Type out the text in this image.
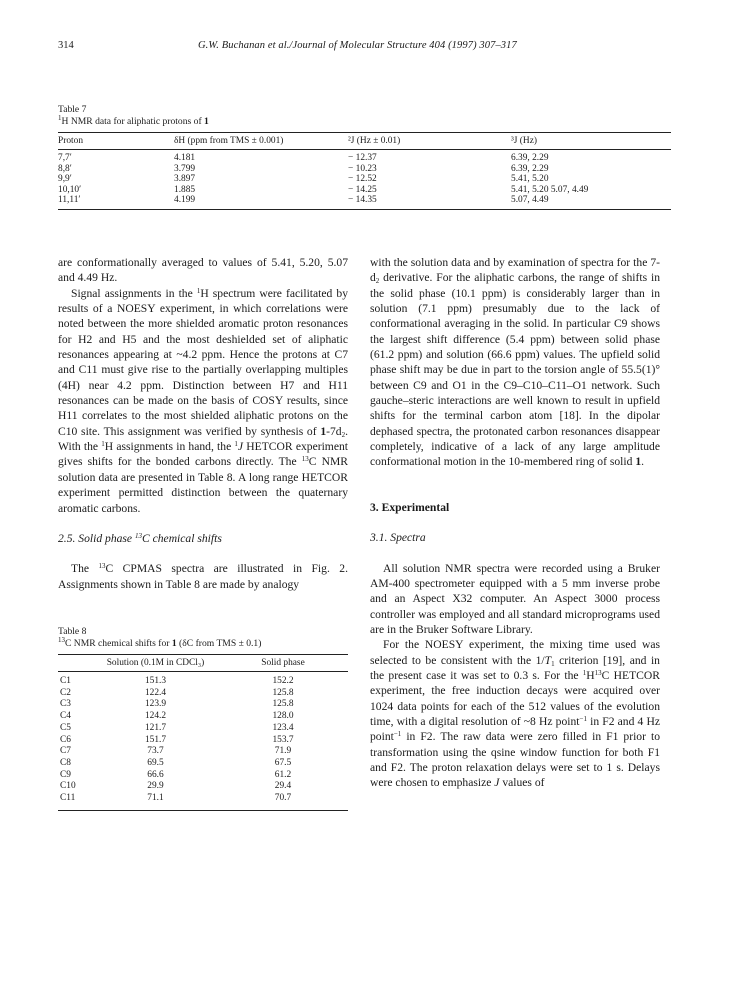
314	G.W. Buchanan et al./Journal of Molecular Structure 404 (1997) 307–317
Table 7
$^1$H NMR data for aliphatic protons of 1
Proton	δH (ppm from TMS ± 0.001)	²J (Hz ± 0.01)	³J (Hz)
7,7′	4.181	− 12.37	6.39, 2.29
8,8′	3.799	− 10.23	6.39, 2.29
9,9′	3.897	− 12.52	5.41, 5.20
10,10′	1.885	− 14.25	5.41, 5.20 5.07, 4.49
11,11′	4.199	− 14.35	5.07, 4.49

are conformationally averaged to values of 5.41, 5.20, 5.07 and 4.49 Hz.

Signal assignments in the $^1$H spectrum were facilitated by results of a NOESY experiment, in which correlations were noted between the more shielded aromatic proton resonances for H2 and H5 and the most deshielded set of aliphatic resonances appearing at ~4.2 ppm. Hence the protons at C7 and C11 must give rise to the partially overlapping multiples (4H) near 4.2 ppm. Distinction between H7 and H11 resonances can be made on the basis of COSY results, since H11 correlates to the most shielded aliphatic protons on the C10 site. This assignment was verified by synthesis of $1-7d_2$. With the $^1$H assignments in hand, the $^1$J HETCOR experiment gives shifts for the bonded carbons directly. The $^{13}$C NMR solution data are presented in Table 8. A long range HETCOR experiment permitted distinction between the quaternary aromatic carbons.

2.5. Solid phase $^{13}$C chemical shifts

The $^{13}$C CPMAS spectra are illustrated in Fig. 2. Assignments shown in Table 8 are made by analogy

Table 8
$^{13}$C NMR chemical shifts for 1 (δC from TMS ± 0.1)
	Solution (0.1M in CDCl₃)	Solid phase
C1	151.3	152.2
C2	122.4	125.8
C3	123.9	125.8
C4	124.2	128.0
C5	121.7	123.4
C6	151.7	153.7
C7	73.7	71.9
C8	69.5	67.5
C9	66.6	61.2
C10	29.9	29.4
C11	71.1	70.7

with the solution data and by examination of spectra for the $7-d_2$ derivative. For the aliphatic carbons, the range of shifts in the solid phase (10.1 ppm) is considerably larger than in solution (7.1 ppm) presumably due to the lack of conformational averaging in the solid. In particular C9 shows the largest shift difference (5.4 ppm) between solid phase (61.2 ppm) and solution (66.6 ppm) values. The upfield solid phase shift may be due in part to the torsion angle of 55.5(1)° between C9 and O1 in the C9–C10–C11–O1 network. Such gauche–steric interactions are well known to result in upfield shifts for the terminal carbon atom [18]. In the dipolar dephased spectra, the protonated carbon resonances disappear completely, indicative of a lack of any large amplitude conformational motion in the 10-membered ring of solid 1.

3. Experimental

3.1. Spectra

All solution NMR spectra were recorded using a Bruker AM-400 spectrometer equipped with a 5 mm inverse probe and an Aspect X32 computer. An Aspect 3000 process controller was employed and all standard microprograms used are in the Bruker Software Library.

For the NOESY experiment, the mixing time used was selected to be consistent with the $1/T_1$ criterion [19], and in the present case it was set to 0.3 s. For the $^1H^{13}C$ HETCOR experiment, the free induction decays were acquired over 1024 data points for each of the 512 values of the evolution time, with a digital resolution of ~8 Hz point$^{-1}$ in F2 and 4 Hz point$^{-1}$ in F2. The raw data were zero filled in F1 prior to transformation using the qsine window function for both F1 and F2. The proton relaxation delays were set to 1 s. Delays were chosen to emphasize J values of
